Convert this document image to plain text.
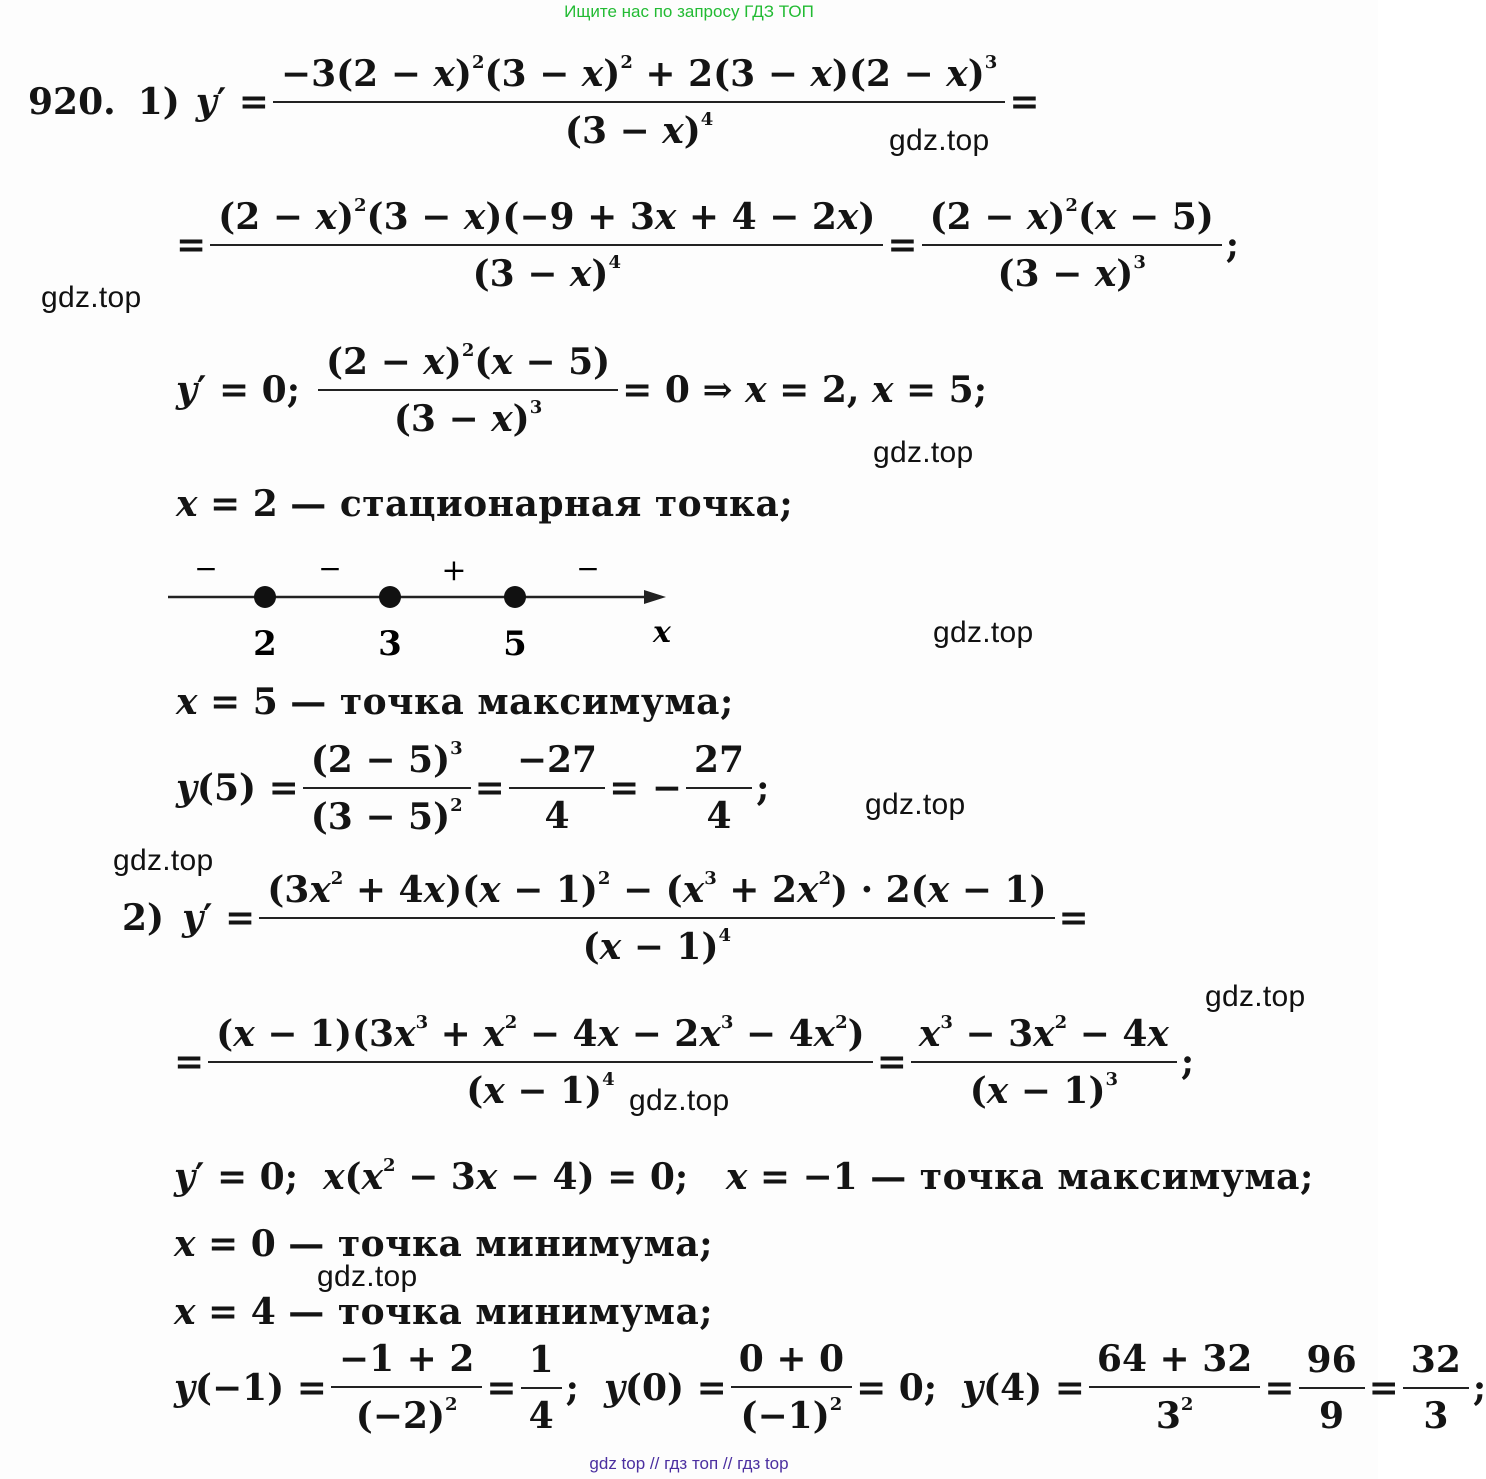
Ищите нас по запросу ГДЗ ТОП
gdz.top
gdz.top
gdz.top
gdz.top
gdz.top
gdz.top
gdz.top
gdz.top
gdz.top
920. 1) $y' = \frac{-3(2 - x)^2(3 - x)^2 + 2(3 - x)(2 - x)^3}{(3 - x)^4}$ =
= $\frac{(2 - x)^2(3 - x)(-9 + 3x + 4 - 2x)}{(3 - x)^4} = \frac{(2 - x)^2(x - 5)}{(3 - x)^3}$ ;
y′ = 0; $\frac{(2 - x)^2(x - 5)}{(3 - x)^3} = 0$ ⇒ x = 2, x = 5;
x = 2 — стационарная точка;
−	−	+	−
2	3	5	x
x = 5 — точка максимума;
$y(5) = \frac{(2 - 5)^3}{(3 - 5)^2} = \frac{-27}{4}$ = − $\frac{27}{4}$ ;
2) $y' = \frac{(3x^2 + 4x)(x - 1)^2 - (x^3 + 2x^2) \cdot 2(x - 1)}{(x - 1)^4}$ =
= $\frac{(x - 1)(3x^3 + x^2 - 4x - 2x^3 - 4x^2)}{(x - 1)^4} = \frac{x^3 - 3x^2 - 4x}{(x - 1)^3}$ ;
y′ = 0;  $x(x^2 - 3x - 4) = 0$;   x = −1 — точка максимума;
x = 0 — точка минимума;
x = 4 — точка минимума;
$y(-1) = \frac{-1 + 2}{(-2)^2} = \frac{1}{4}$ ;  $y(0) = \frac{0 + 0}{(-1)^2} = 0$;  $y(4) = \frac{64 + 32}{3^2} = \frac{96}{9} = \frac{32}{3}$ ;
gdz top // гдз топ // гдз top
